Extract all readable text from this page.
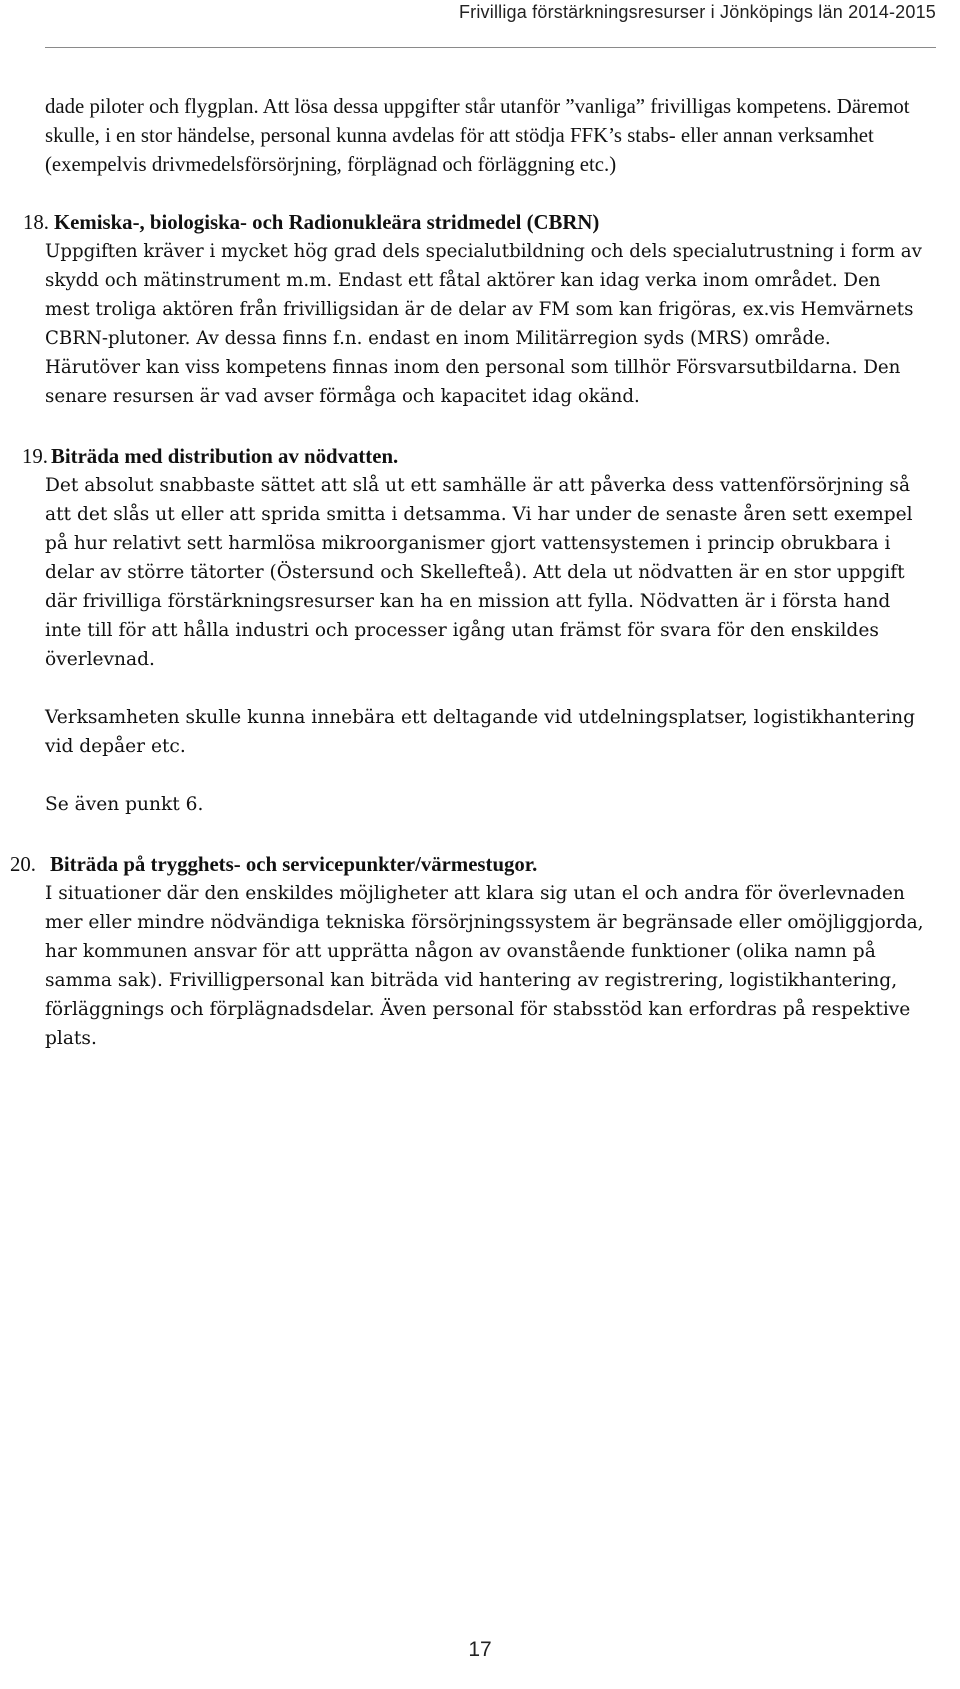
Frivilliga förstärkningsresurser i Jönköpings län 2014-2015

dade piloter och flygplan. Att lösa dessa uppgifter står utanför ”vanliga” frivilligas kompetens. Däremot skulle, i en stor händelse, personal kunna avdelas för att stödja FFK’s stabs- eller annan verksamhet (exempelvis drivmedelsförsörjning, förplägnad och förläggning etc.)

18. Kemiska-, biologiska- och Radionukleära stridmedel (CBRN)

Uppgiften kräver i mycket hög grad dels specialutbildning och dels specialutrustning i form av skydd och mätinstrument m.m. Endast ett fåtal aktörer kan idag verka inom området. Den mest troliga aktören från frivilligsidan är de delar av FM som kan frigöras, ex.vis Hemvärnets CBRN-plutoner. Av dessa finns f.n. endast en inom Militärregion syds (MRS) område. Härutöver kan viss kompetens finnas inom den personal som tillhör Försvarsutbildarna. Den senare resursen är vad avser förmåga och kapacitet idag okänd.

19. Biträda med distribution av nödvatten.

Det absolut snabbaste sättet att slå ut ett samhälle är att påverka dess vattenförsörjning så att det slås ut eller att sprida smitta i detsamma. Vi har under de senaste åren sett exempel på hur relativt sett harmlösa mikroorganismer gjort vattensystemen i princip obrukbara i delar av större tätorter (Östersund och Skellefteå). Att dela ut nödvatten är en stor uppgift där frivilliga förstärkningsresurser kan ha en mission att fylla. Nödvatten är i första hand inte till för att hålla industri och processer igång utan främst för svara för den enskildes överlevnad.

Verksamheten skulle kunna innebära ett deltagande vid utdelningsplatser, logistikhantering vid depåer etc.

Se även punkt 6.

20. Biträda på trygghets- och servicepunkter/värmestugor.

I situationer där den enskildes möjligheter att klara sig utan el och andra för överlevnaden mer eller mindre nödvändiga tekniska försörjningssystem är begränsade eller omöjliggjorda, har kommunen ansvar för att upprätta någon av ovanstående funktioner (olika namn på samma sak). Frivilligpersonal kan biträda vid hantering av registrering, logistikhantering, förläggnings och förplägnadsdelar. Även personal för stabsstöd kan erfordras på respektive plats.

17
